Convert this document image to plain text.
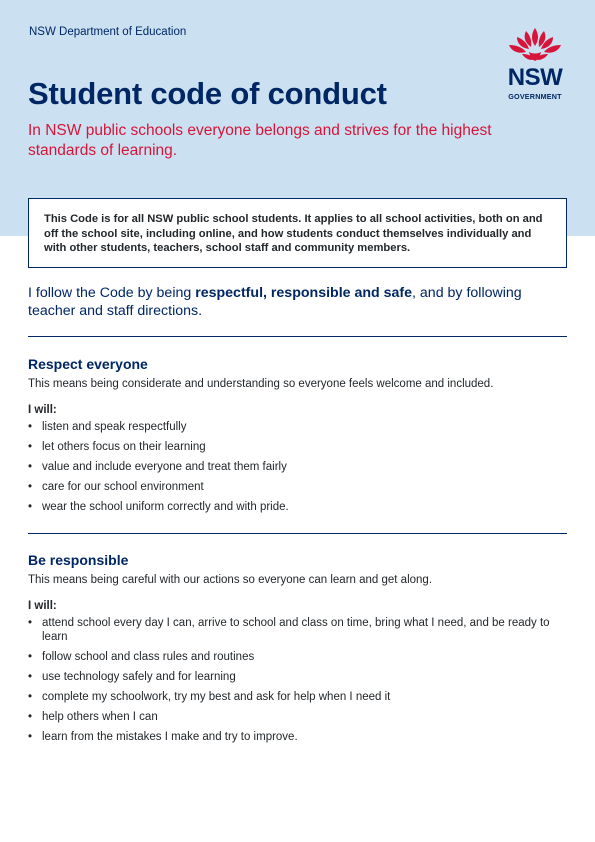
NSW Department of Education
NSW
GOVERNMENT
Student code of conduct

In NSW public schools everyone belongs and strives for the highest standards of learning.

This Code is for all NSW public school students. It applies to all school activities, both on and off the school site, including online, and how students conduct themselves individually and with other students, teachers, school staff and community members.

I follow the Code by being respectful, responsible and safe, and by following teacher and staff directions.

Respect everyone

This means being considerate and understanding so everyone feels welcome and included.

I will:

• listen and speak respectfully
• let others focus on their learning
• value and include everyone and treat them fairly
• care for our school environment
• wear the school uniform correctly and with pride.
Be responsible

This means being careful with our actions so everyone can learn and get along.

I will:

• attend school every day I can, arrive to school and class on time, bring what I need, and be ready to learn
• follow school and class rules and routines
• use technology safely and for learning
• complete my schoolwork, try my best and ask for help when I need it
• help others when I can
• learn from the mistakes I make and try to improve.
